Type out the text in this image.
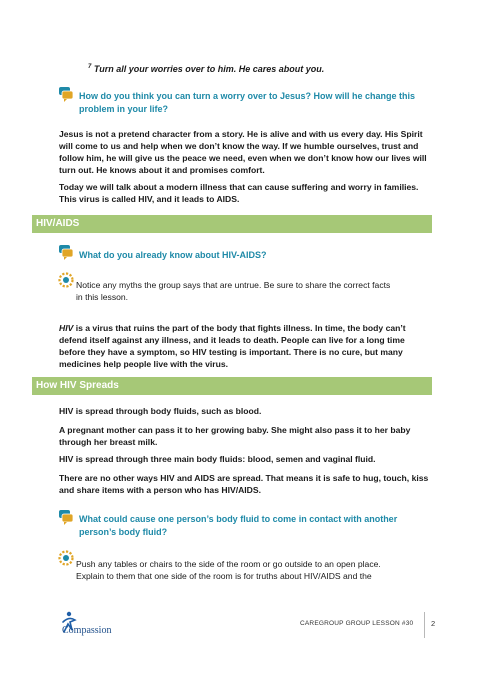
$^7$ Turn all your worries over to him. He cares about you.
How do you think you can turn a worry over to Jesus? How will he change this
problem in your life?
Jesus is not a pretend character from a story. He is alive and with us every day. His Spirit will come to us and help when we don’t know the way. If we humble ourselves, trust and follow him, he will give us the peace we need, even when we don’t know how our lives will turn out. He knows about it and promises comfort.
Today we will talk about a modern illness that can cause suffering and worry in families. This virus is called HIV, and it leads to AIDS.
HIV/AIDS
What do you already know about HIV-AIDS?
Notice any myths the group says that are untrue. Be sure to share the correct facts
in this lesson.
HIV is a virus that ruins the part of the body that fights illness. In time, the body can’t defend itself against any illness, and it leads to death. People can live for a long time before they have a symptom, so HIV testing is important. There is no cure, but many medicines help people live with the virus.
How HIV Spreads
HIV is spread through body fluids, such as blood.
A pregnant mother can pass it to her growing baby. She might also pass it to her baby through her breast milk.
HIV is spread through three main body fluids: blood, semen and vaginal fluid.
There are no other ways HIV and AIDS are spread. That means it is safe to hug, touch, kiss and share items with a person who has HIV/AIDS.
What could cause one person’s body fluid to come in contact with another
person’s body fluid?
Push any tables or chairs to the side of the room or go outside to an open place.
Explain to them that one side of the room is for truths about HIV/AIDS and the
Compassion
CAREGROUP GROUP LESSON #30 2
